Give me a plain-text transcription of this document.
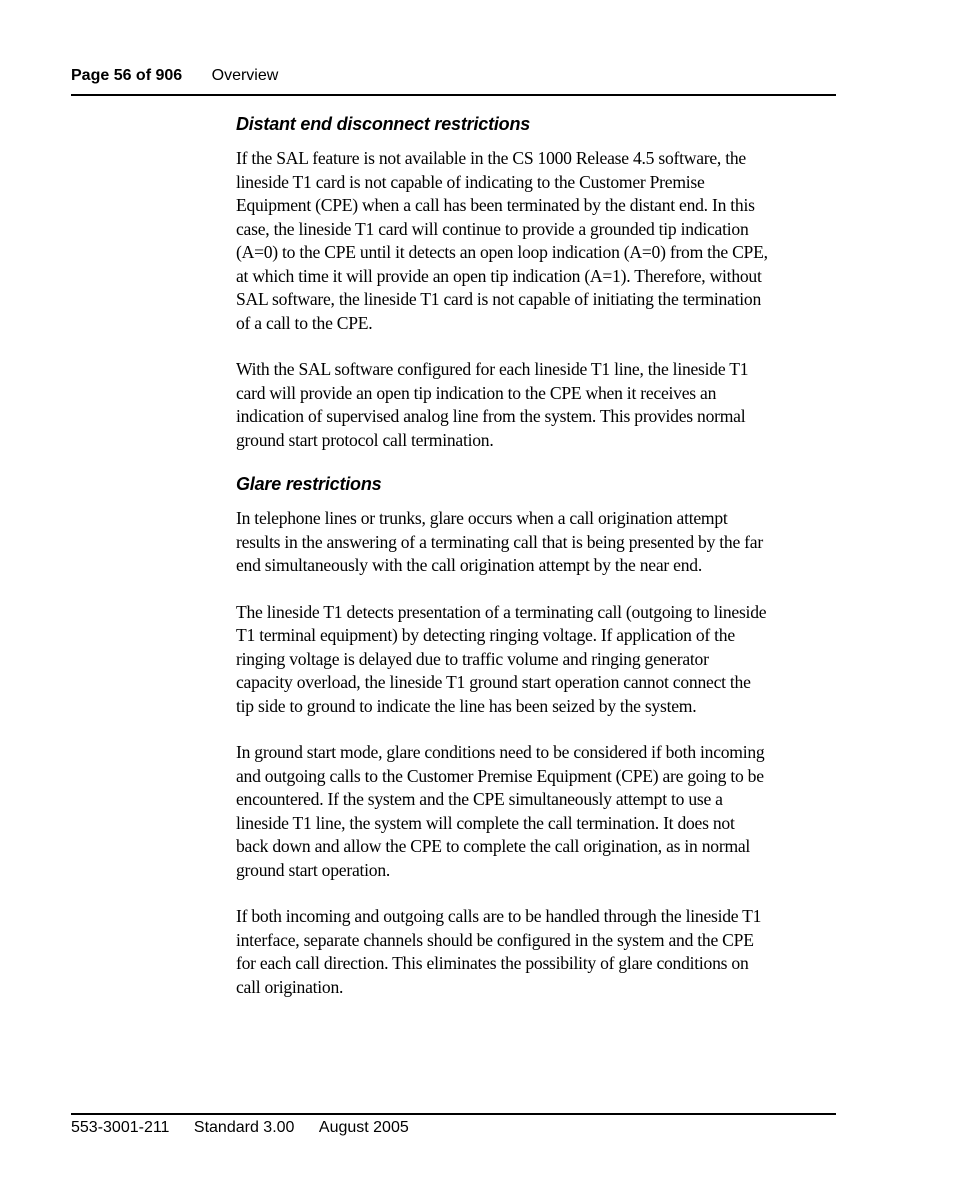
Page 56 of 906 Overview
Distant end disconnect restrictions

If the SAL feature is not available in the CS 1000 Release 4.5 software, the
lineside T1 card is not capable of indicating to the Customer Premise
Equipment (CPE) when a call has been terminated by the distant end. In this
case, the lineside T1 card will continue to provide a grounded tip indication
(A=0) to the CPE until it detects an open loop indication (A=0) from the CPE,
at which time it will provide an open tip indication (A=1). Therefore, without
SAL software, the lineside T1 card is not capable of initiating the termination
of a call to the CPE.

With the SAL software configured for each lineside T1 line, the lineside T1
card will provide an open tip indication to the CPE when it receives an
indication of supervised analog line from the system. This provides normal
ground start protocol call termination.

Glare restrictions

In telephone lines or trunks, glare occurs when a call origination attempt
results in the answering of a terminating call that is being presented by the far
end simultaneously with the call origination attempt by the near end.

The lineside T1 detects presentation of a terminating call (outgoing to lineside
T1 terminal equipment) by detecting ringing voltage. If application of the
ringing voltage is delayed due to traffic volume and ringing generator
capacity overload, the lineside T1 ground start operation cannot connect the
tip side to ground to indicate the line has been seized by the system.

In ground start mode, glare conditions need to be considered if both incoming
and outgoing calls to the Customer Premise Equipment (CPE) are going to be
encountered. If the system and the CPE simultaneously attempt to use a
lineside T1 line, the system will complete the call termination. It does not
back down and allow the CPE to complete the call origination, as in normal
ground start operation.

If both incoming and outgoing calls are to be handled through the lineside T1
interface, separate channels should be configured in the system and the CPE
for each call direction. This eliminates the possibility of glare conditions on
call origination.

553-3001-211 Standard 3.00 August 2005
